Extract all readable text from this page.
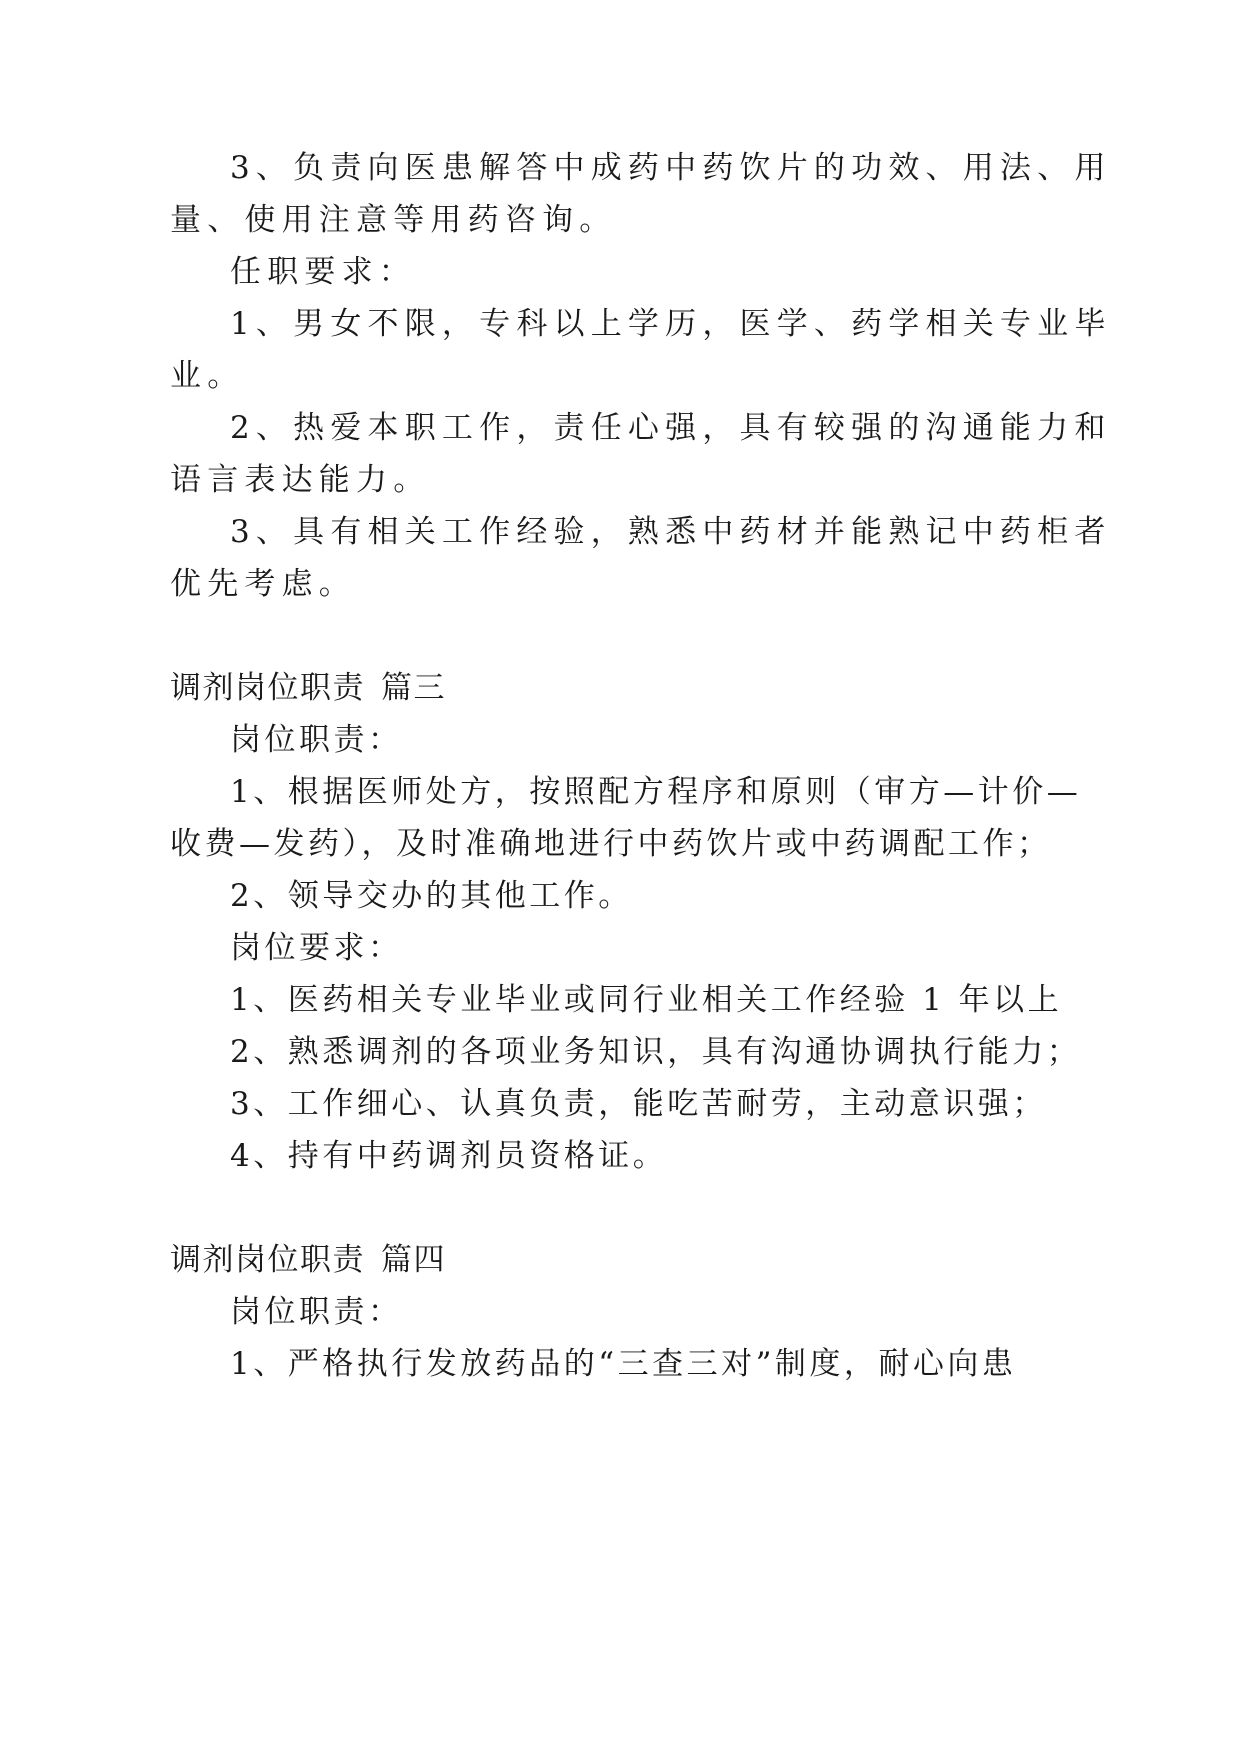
3、负责向医患解答中成药中药饮片的功效、用法、用
量、使用注意等用药咨询。
任职要求：
1、男女不限，专科以上学历，医学、药学相关专业毕
业。
2、热爱本职工作，责任心强，具有较强的沟通能力和
语言表达能力。
3、具有相关工作经验，熟悉中药材并能熟记中药柜者
优先考虑。
调剂岗位职责 篇三
岗位职责：
1、根据医师处方，按照配方程序和原则（审方—计价—
收费—发药），及时准确地进行中药饮片或中药调配工作；
2、领导交办的其他工作。
岗位要求：
1、医药相关专业毕业或同行业相关工作经验 1 年以上
2、熟悉调剂的各项业务知识，具有沟通协调执行能力；
3、工作细心、认真负责，能吃苦耐劳，主动意识强；
4、持有中药调剂员资格证。
调剂岗位职责 篇四
岗位职责：
1、严格执行发放药品的“三查三对”制度，耐心向患
